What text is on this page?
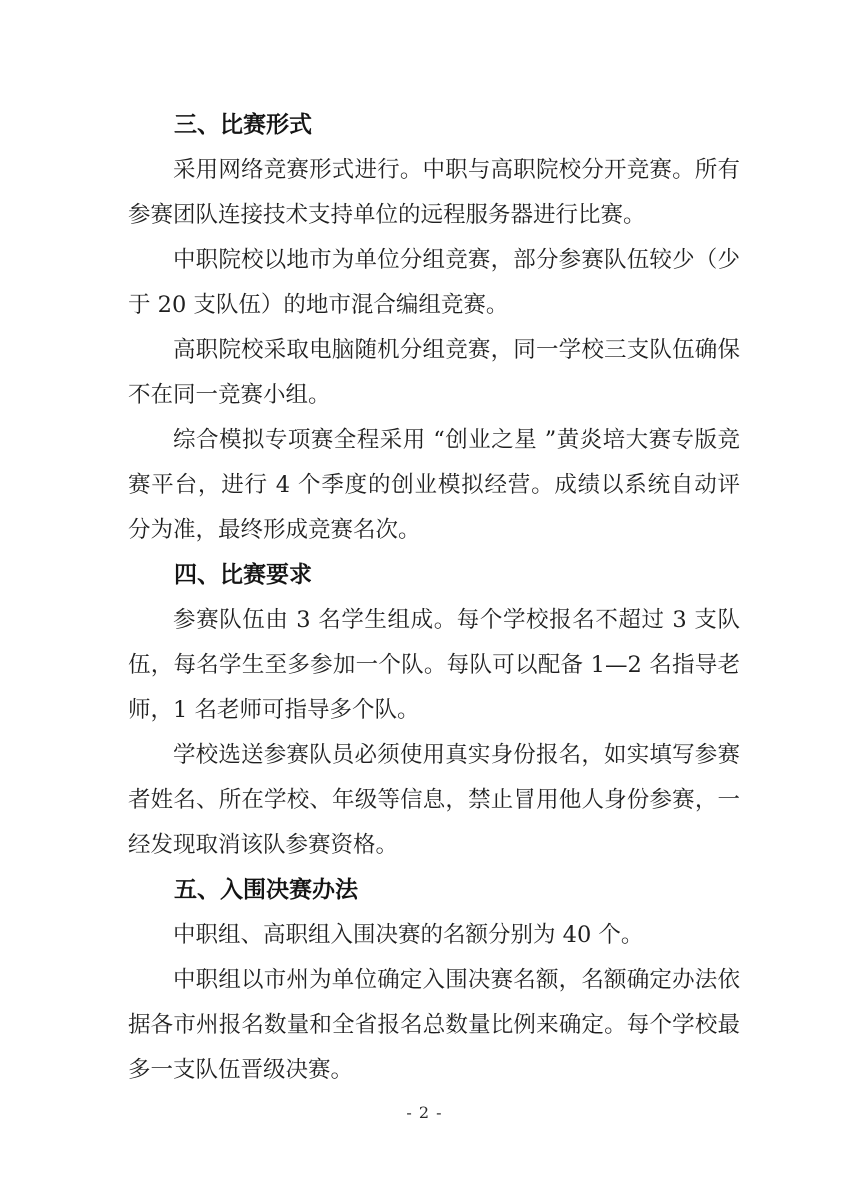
三、比赛形式

采用网络竞赛形式进行。中职与高职院校分开竞赛。所有参赛团队连接技术支持单位的远程服务器进行比赛。

中职院校以地市为单位分组竞赛，部分参赛队伍较少（少于 20 支队伍）的地市混合编组竞赛。

高职院校采取电脑随机分组竞赛，同一学校三支队伍确保不在同一竞赛小组。

综合模拟专项赛全程采用 “创业之星 ”黄炎培大赛专版竞赛平台，进行 4 个季度的创业模拟经营。成绩以系统自动评分为准，最终形成竞赛名次。

四、比赛要求

参赛队伍由 3 名学生组成。每个学校报名不超过 3 支队伍，每名学生至多参加一个队。每队可以配备 1—2 名指导老师，1 名老师可指导多个队。

学校选送参赛队员必须使用真实身份报名，如实填写参赛者姓名、所在学校、年级等信息，禁止冒用他人身份参赛，一经发现取消该队参赛资格。

五、入围决赛办法

中职组、高职组入围决赛的名额分别为 40 个。

中职组以市州为单位确定入围决赛名额，名额确定办法依据各市州报名数量和全省报名总数量比例来确定。每个学校最多一支队伍晋级决赛。

- 2 -
